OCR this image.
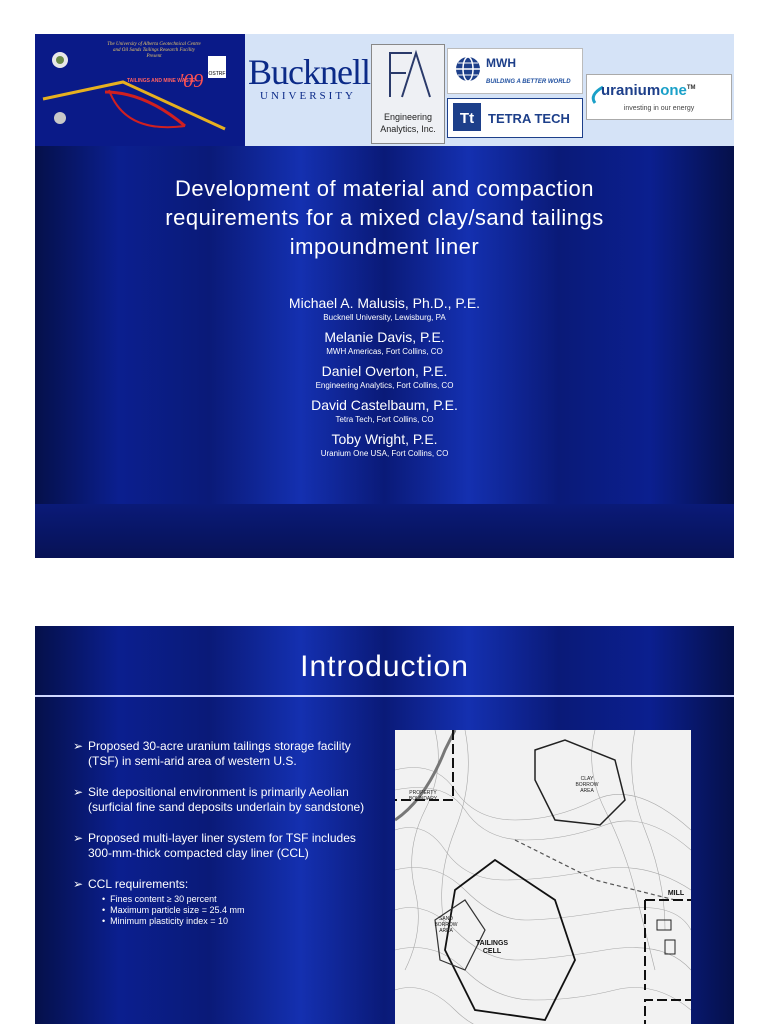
The University of Alberta Geotechnical Centre
and Oil Sands Tailings Research Facility
Present
TAILINGS AND MINE WASTE
'09 OSTRF Bucknell
UNIVERSITY
Engineering
Analytics, Inc.
MWH
BUILDING A BETTER WORLD
Tt TETRA TECH
uraniumone™
investing in our energy
Development of material and compaction
requirements for a mixed clay/sand tailings
impoundment liner
Michael A. Malusis, Ph.D., P.E.
Bucknell University, Lewisburg, PA
Melanie Davis, P.E.
MWH Americas, Fort Collins, CO
Daniel Overton, P.E.
Engineering Analytics, Fort Collins, CO
David Castelbaum, P.E.
Tetra Tech, Fort Collins, CO
Toby Wright, P.E.
Uranium One USA, Fort Collins, CO
Introduction
➢ Proposed 30-acre uranium tailings storage facility (TSF) in semi-arid area of western U.S.
➢ Site depositional environment is primarily Aeolian (surficial fine sand deposits underlain by sandstone)
➢ Proposed multi-layer liner system for TSF includes 300-mm-thick compacted clay liner (CCL)
➢ CCL requirements:
• Fines content ≥ 30 percent
• Maximum particle size = 25.4 mm
• Minimum plasticity index = 10
CLAY
BORROW
AREA
PROPERTY
BOUNDARY
MILL
SAND
BORROW
AREA
TAILINGS
CELL
